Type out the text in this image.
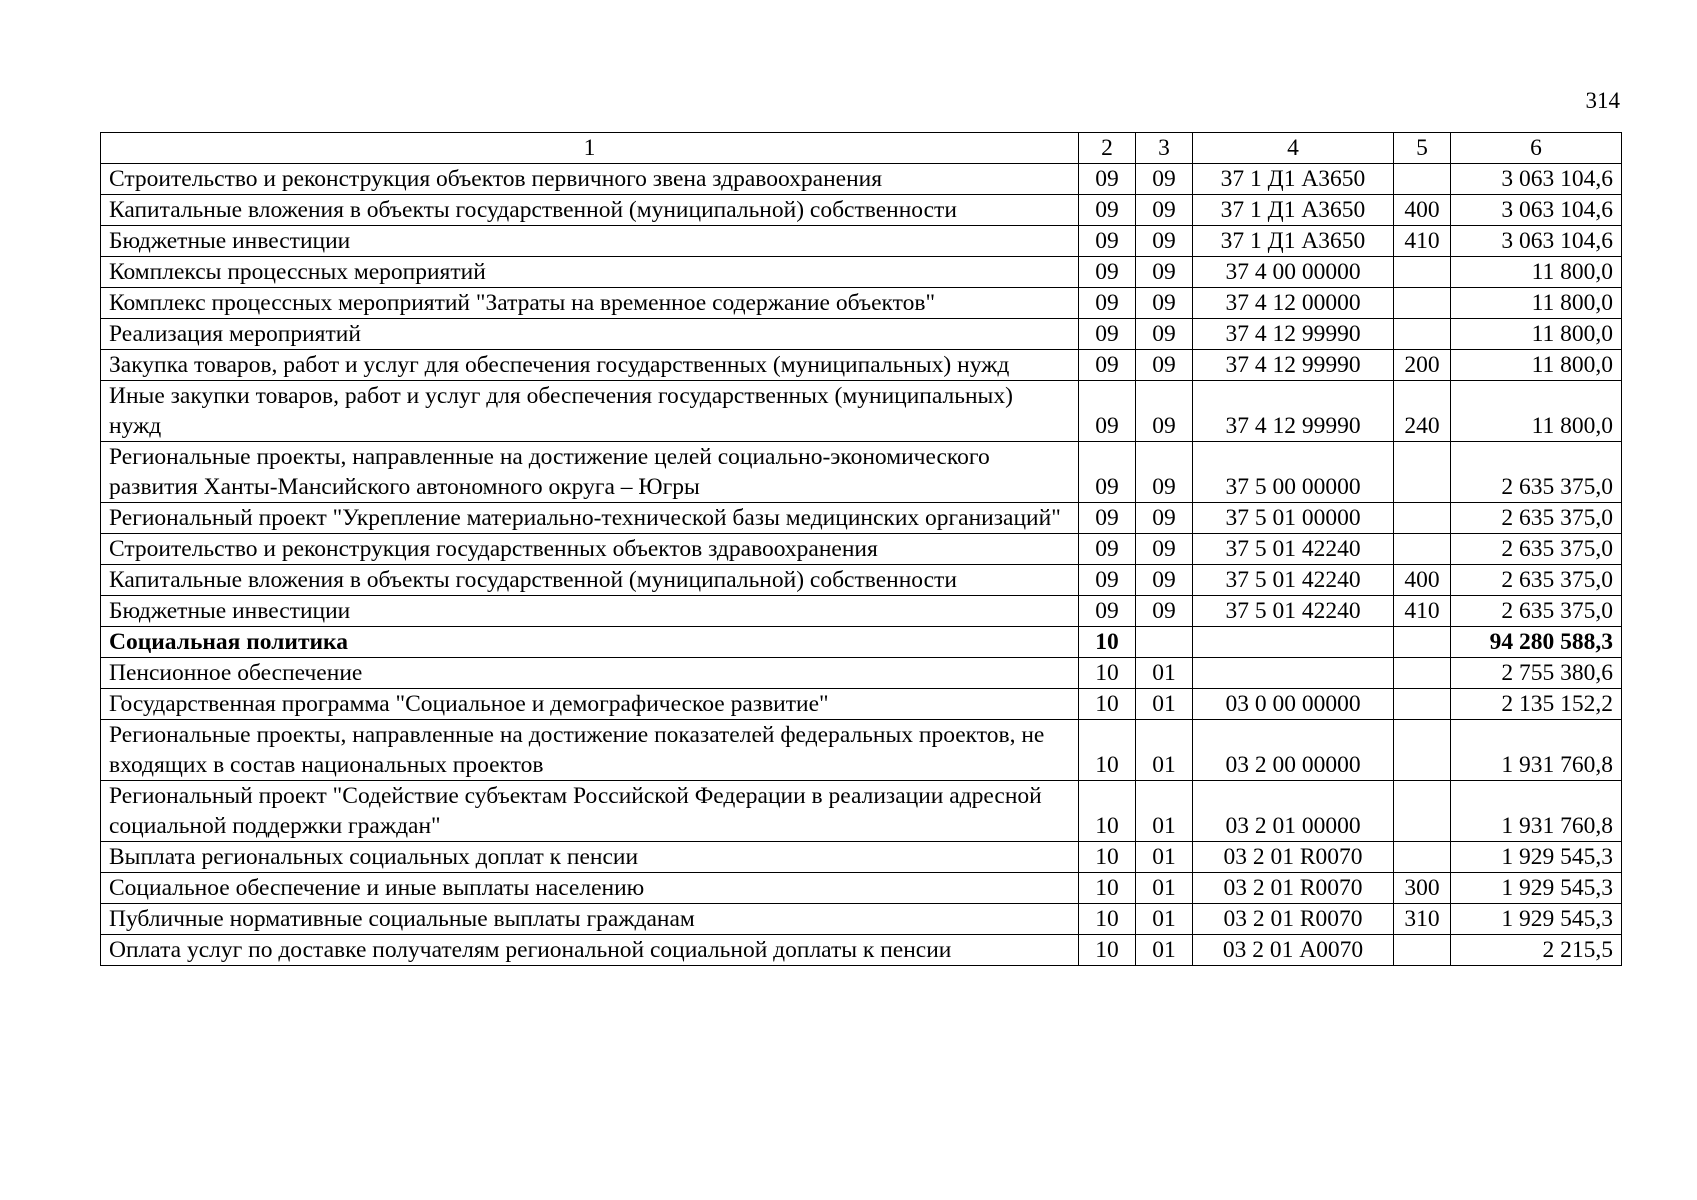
314
1	2	3	4	5	6
Строительство и реконструкция объектов первичного звена здравоохранения	09	09	37 1 Д1 А3650		3 063 104,6
Капитальные вложения в объекты государственной (муниципальной) собственности	09	09	37 1 Д1 А3650	400	3 063 104,6
Бюджетные инвестиции	09	09	37 1 Д1 А3650	410	3 063 104,6
Комплексы процессных мероприятий	09	09	37 4 00 00000		11 800,0
Комплекс процессных мероприятий "Затраты на временное содержание объектов"	09	09	37 4 12 00000		11 800,0
Реализация мероприятий	09	09	37 4 12 99990		11 800,0
Закупка товаров, работ и услуг для обеспечения государственных (муниципальных) нужд	09	09	37 4 12 99990	200	11 800,0
Иные закупки товаров, работ и услуг для обеспечения государственных (муниципальных) нужд	09	09	37 4 12 99990	240	11 800,0
Региональные проекты, направленные на достижение целей социально-экономического развития Ханты-Мансийского автономного округа – Югры	09	09	37 5 00 00000		2 635 375,0
Региональный проект "Укрепление материально-технической базы медицинских организаций"	09	09	37 5 01 00000		2 635 375,0
Строительство и реконструкция государственных объектов здравоохранения	09	09	37 5 01 42240		2 635 375,0
Капитальные вложения в объекты государственной (муниципальной) собственности	09	09	37 5 01 42240	400	2 635 375,0
Бюджетные инвестиции	09	09	37 5 01 42240	410	2 635 375,0
Социальная политика	10				94 280 588,3
Пенсионное обеспечение	10	01			2 755 380,6
Государственная программа "Социальное и демографическое развитие"	10	01	03 0 00 00000		2 135 152,2
Региональные проекты, направленные на достижение показателей федеральных проектов, не входящих в состав национальных проектов	10	01	03 2 00 00000		1 931 760,8
Региональный проект "Содействие субъектам Российской Федерации в реализации адресной социальной поддержки граждан"	10	01	03 2 01 00000		1 931 760,8
Выплата региональных социальных доплат к пенсии	10	01	03 2 01 R0070		1 929 545,3
Социальное обеспечение и иные выплаты населению	10	01	03 2 01 R0070	300	1 929 545,3
Публичные нормативные социальные выплаты гражданам	10	01	03 2 01 R0070	310	1 929 545,3
Оплата услуг по доставке получателям региональной социальной доплаты к пенсии	10	01	03 2 01 А0070		2 215,5
